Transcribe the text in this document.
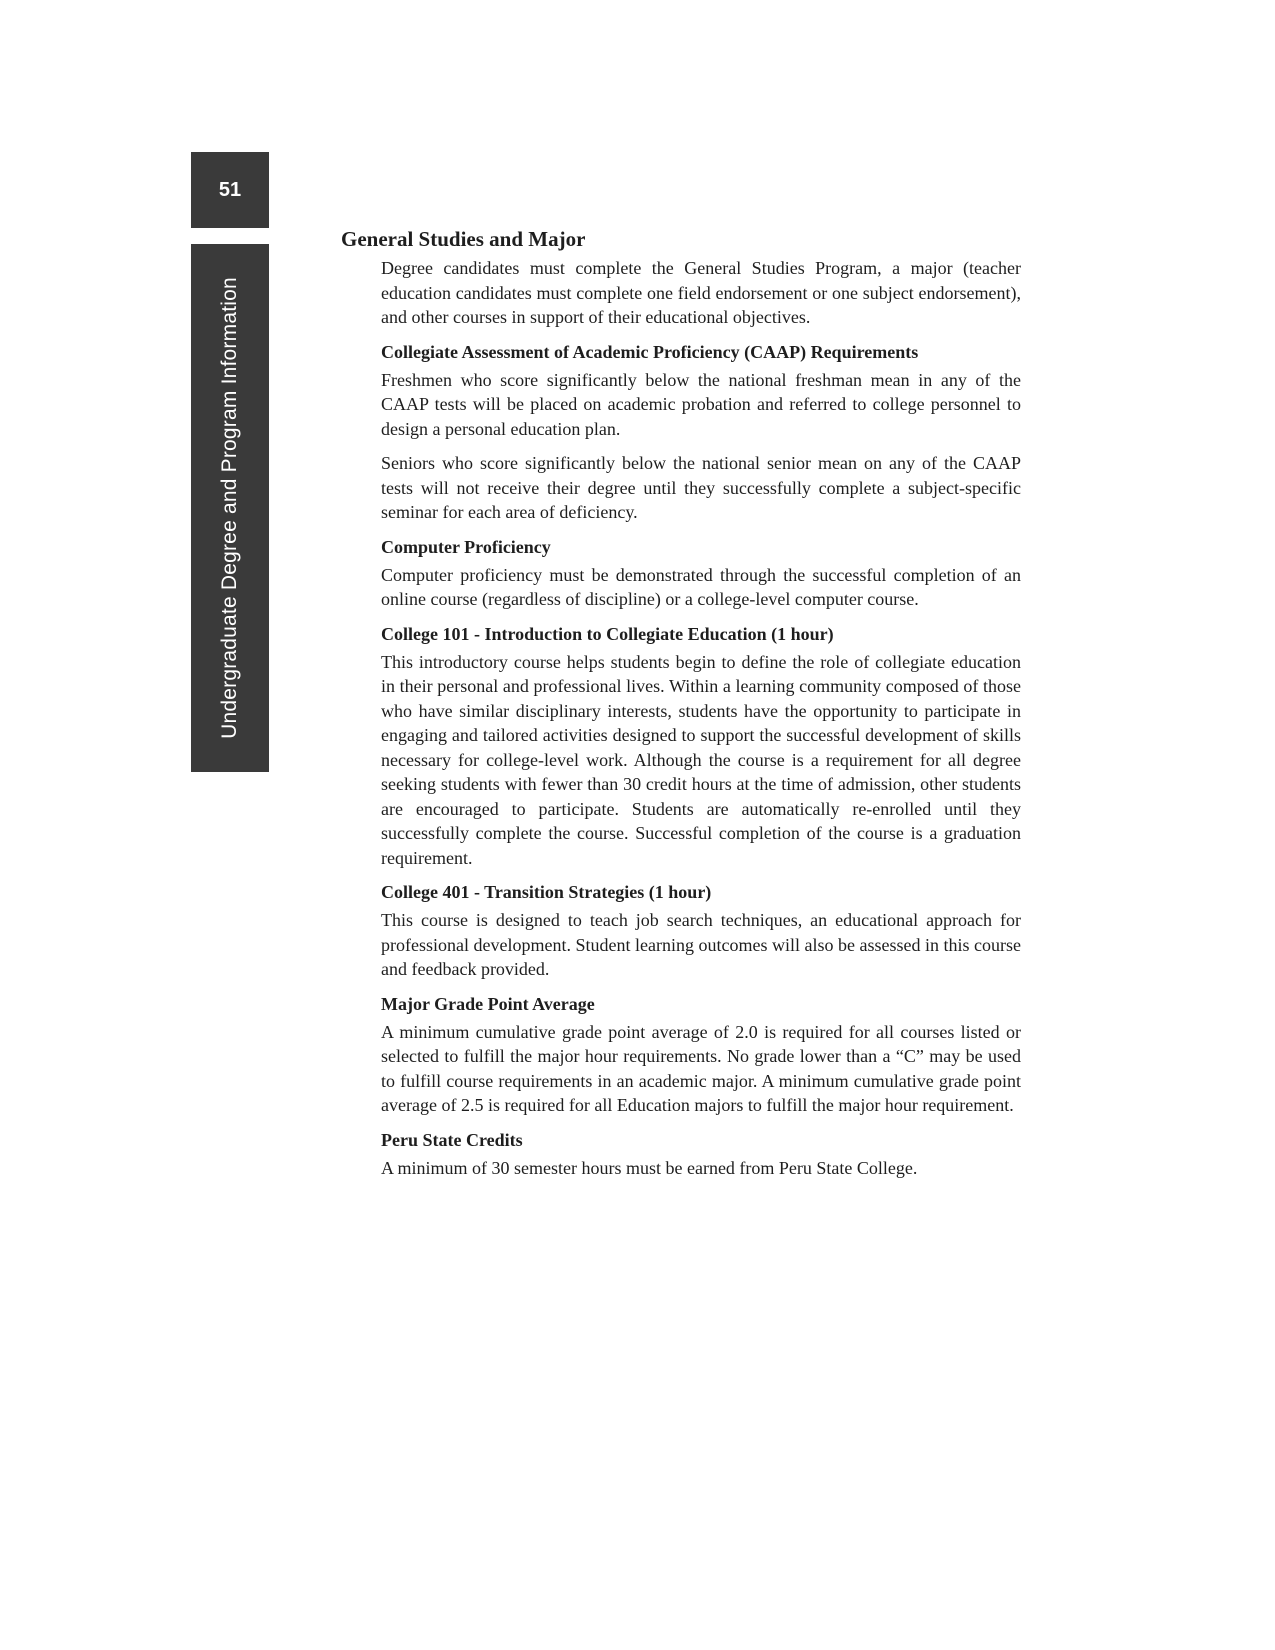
51
Undergraduate Degree and Program Information
General Studies and Major

Degree candidates must complete the General Studies Program, a major (teacher education candidates must complete one field endorsement or one subject endorsement), and other courses in support of their educational objectives.

Collegiate Assessment of Academic Proficiency (CAAP) Requirements

Freshmen who score significantly below the national freshman mean in any of the CAAP tests will be placed on academic probation and referred to college personnel to design a personal education plan.

Seniors who score significantly below the national senior mean on any of the CAAP tests will not receive their degree until they successfully complete a subject-specific seminar for each area of deficiency.

Computer Proficiency

Computer proficiency must be demonstrated through the successful completion of an online course (regardless of discipline) or a college-level computer course.

College 101 - Introduction to Collegiate Education (1 hour)

This introductory course helps students begin to define the role of collegiate education in their personal and professional lives. Within a learning community composed of those who have similar disciplinary interests, students have the opportunity to participate in engaging and tailored activities designed to support the successful development of skills necessary for college-level work. Although the course is a requirement for all degree seeking students with fewer than 30 credit hours at the time of admission, other students are encouraged to participate. Students are automatically re-enrolled until they successfully complete the course. Successful completion of the course is a graduation requirement.

College 401 - Transition Strategies (1 hour)

This course is designed to teach job search techniques, an educational approach for professional development. Student learning outcomes will also be assessed in this course and feedback provided.

Major Grade Point Average

A minimum cumulative grade point average of 2.0 is required for all courses listed or selected to fulfill the major hour requirements. No grade lower than a “C” may be used to fulfill course requirements in an academic major. A minimum cumulative grade point average of 2.5 is required for all Education majors to fulfill the major hour requirement.

Peru State Credits

A minimum of 30 semester hours must be earned from Peru State College.
